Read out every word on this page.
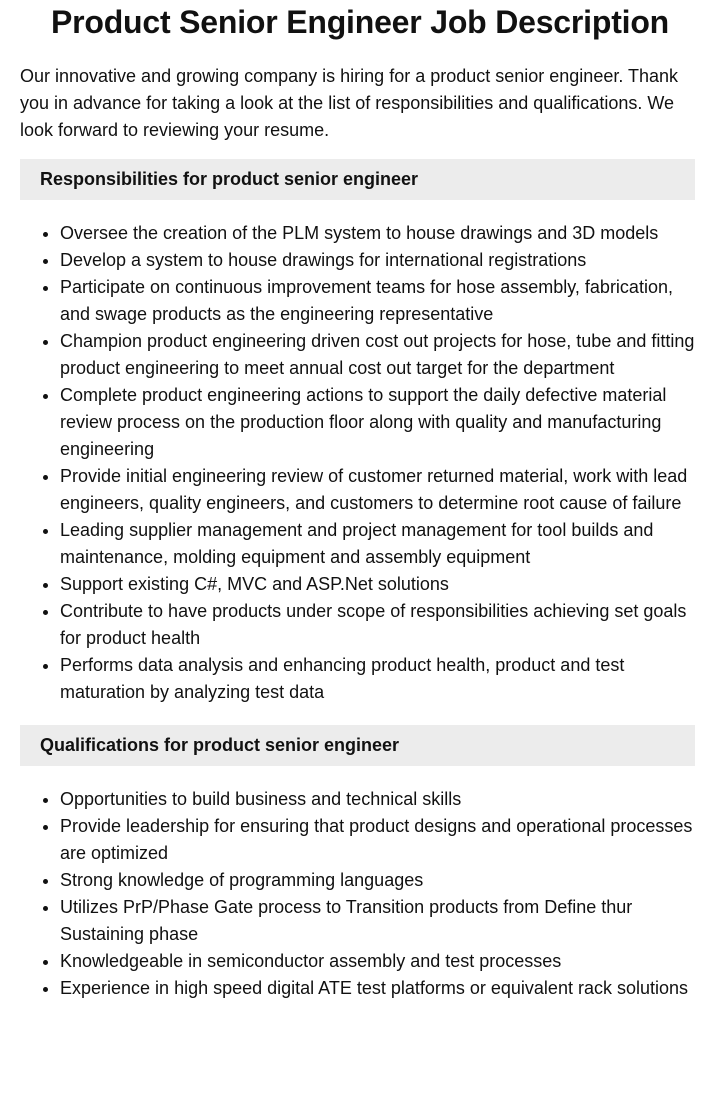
Product Senior Engineer Job Description

Our innovative and growing company is hiring for a product senior engineer. Thank you in advance for taking a look at the list of responsibilities and qualifications. We look forward to reviewing your resume.

Responsibilities for product senior engineer
• Oversee the creation of the PLM system to house drawings and 3D models
• Develop a system to house drawings for international registrations
• Participate on continuous improvement teams for hose assembly, fabrication, and swage products as the engineering representative
• Champion product engineering driven cost out projects for hose, tube and fitting product engineering to meet annual cost out target for the department
• Complete product engineering actions to support the daily defective material review process on the production floor along with quality and manufacturing engineering
• Provide initial engineering review of customer returned material, work with lead engineers, quality engineers, and customers to determine root cause of failure
• Leading supplier management and project management for tool builds and maintenance, molding equipment and assembly equipment
• Support existing C#, MVC and ASP.Net solutions
• Contribute to have products under scope of responsibilities achieving set goals for product health
• Performs data analysis and enhancing product health, product and test maturation by analyzing test data
Qualifications for product senior engineer
• Opportunities to build business and technical skills
• Provide leadership for ensuring that product designs and operational processes are optimized
• Strong knowledge of programming languages
• Utilizes PrP/Phase Gate process to Transition products from Define thur Sustaining phase
• Knowledgeable in semiconductor assembly and test processes
• Experience in high speed digital ATE test platforms or equivalent rack solutions
